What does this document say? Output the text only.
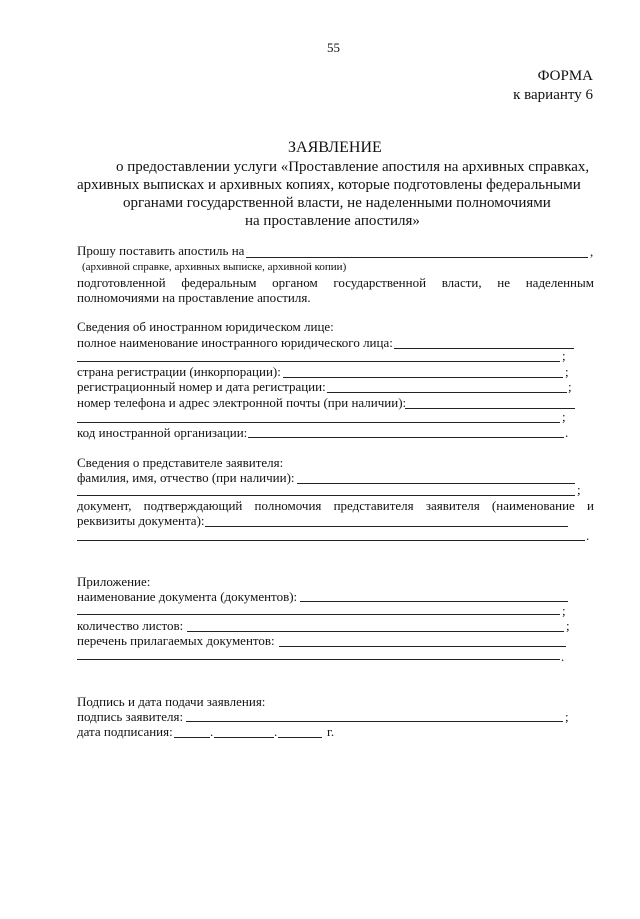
55
ФОРМА
к варианту 6
ЗАЯВЛЕНИЕ
о предоставлении услуги «Проставление апостиля на архивных справках,
архивных выписках и архивных копиях, которые подготовлены федеральными
органами государственной власти, не наделенными полномочиями
на проставление апостиля»
Прошу поставить апостиль на	,
(архивной справке, архивных выписке, архивной копии)
подготовленной федеральным органом государственной власти, не наделенным
полномочиями на проставление апостиля.
Сведения об иностранном юридическом лице:
полное наименование иностранного юридического лица:
;
страна регистрации (инкорпорации):	;
регистрационный номер и дата регистрации:	;
номер телефона и адрес электронной почты (при наличии):
;
код иностранной организации:	.
Сведения о представителе заявителя:
фамилия, имя, отчество (при наличии):
;
документ, подтверждающий полномочия представителя заявителя (наименование и
реквизиты документа):
.
Приложение:
наименование документа (документов):
;
количество листов:	;
перечень прилагаемых документов:
.
Подпись и дата подачи заявления:
подпись заявителя:	;
дата подписания:	.	.	г.
